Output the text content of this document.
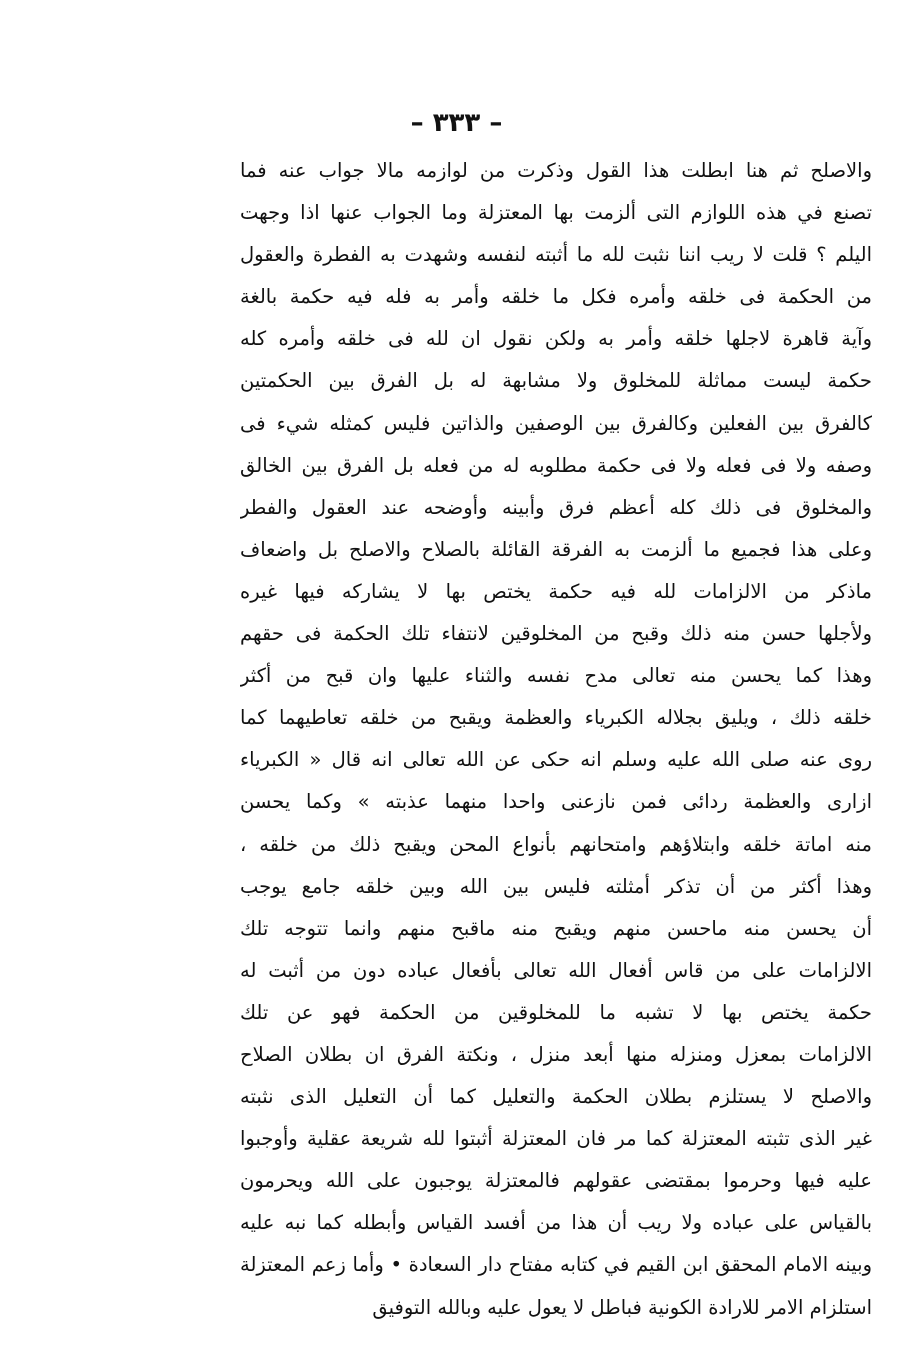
– ٣٣٣ –
والاصلح ثم هنا ابطلت هذا القول وذكرت من لوازمه مالا جواب عنه فما
تصنع في هذه اللوازم التى ألزمت بها المعتزلة وما الجواب عنها اذا وجهت
اليلم ؟ قلت لا ريب اننا نثبت لله ما أثبته لنفسه وشهدت به الفطرة والعقول
من الحكمة فى خلقه وأمره فكل ما خلقه وأمر به فله فيه حكمة بالغة
وآية قاهرة لاجلها خلقه وأمر به ولكن نقول ان لله فى خلقه وأمره كله
حكمة ليست مماثلة للمخلوق ولا مشابهة له بل الفرق بين الحكمتين
كالفرق بين الفعلين وكالفرق بين الوصفين والذاتين فليس كمثله شيء فى
وصفه ولا فى فعله ولا فى حكمة مطلوبه له من فعله بل الفرق بين الخالق
والمخلوق فى ذلك كله أعظم فرق وأبينه وأوضحه عند العقول والفطر
وعلى هذا فجميع ما ألزمت به الفرقة القائلة بالصلاح والاصلح بل واضعاف
ماذكر من الالزامات لله فيه حكمة يختص بها لا يشاركه فيها غيره
ولأجلها حسن منه ذلك وقبح من المخلوقين لانتفاء تلك الحكمة فى حقهم
وهذا كما يحسن منه تعالى مدح نفسه والثناء عليها وان قبح من أكثر
خلقه ذلك ، ويليق بجلاله الكبرياء والعظمة ويقبح من خلقه تعاطيهما كما
روى عنه صلى الله عليه وسلم انه حكى عن الله تعالى انه قال « الكبرياء
ازارى والعظمة ردائى فمن نازعنى واحدا منهما عذبته » وكما يحسن
منه اماتة خلقه وابتلاؤهم وامتحانهم بأنواع المحن ويقبح ذلك من خلقه ،
وهذا أكثر من أن تذكر أمثلته فليس بين الله وبين خلقه جامع يوجب
أن يحسن منه ماحسن منهم ويقبح منه ماقبح منهم وانما تتوجه تلك
الالزامات على من قاس أفعال الله تعالى بأفعال عباده دون من أثبت له
حكمة يختص بها لا تشبه ما للمخلوقين من الحكمة فهو عن تلك
الالزامات بمعزل ومنزله منها أبعد منزل ، ونكتة الفرق ان بطلان الصلاح
والاصلح لا يستلزم بطلان الحكمة والتعليل كما أن التعليل الذى نثبته
غير الذى تثبته المعتزلة كما مر فان المعتزلة أثبتوا لله شريعة عقلية وأوجبوا
عليه فيها وحرموا بمقتضى عقولهم فالمعتزلة يوجبون على الله ويحرمون
بالقياس على عباده ولا ريب أن هذا من أفسد القياس وأبطله كما نبه عليه
وبينه الامام المحقق ابن القيم في كتابه مفتاح دار السعادة • وأما زعم المعتزلة
استلزام الامر للارادة الكونية فباطل لا يعول عليه وبالله التوفيق
